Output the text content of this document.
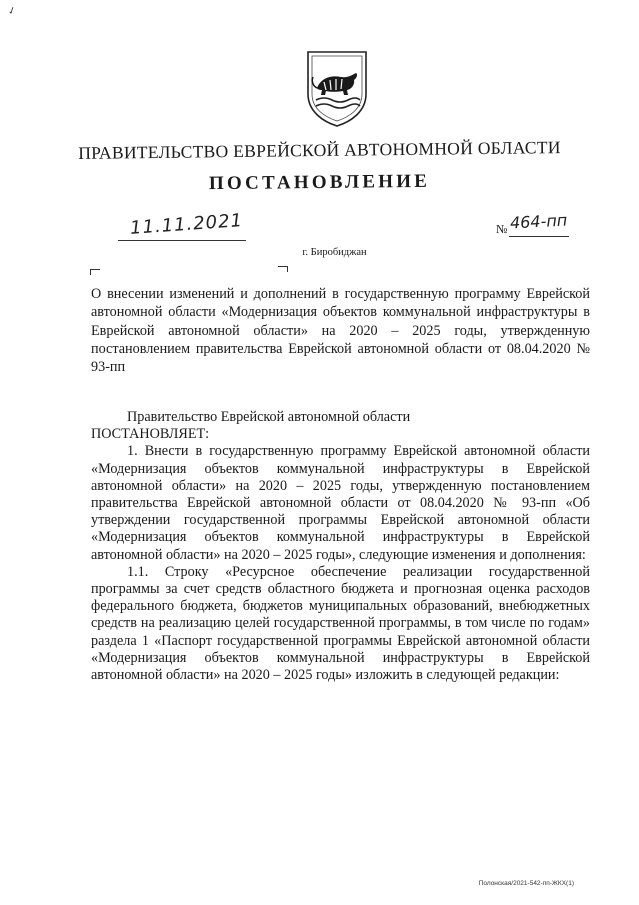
✓
ПРАВИТЕЛЬСТВО ЕВРЕЙСКОЙ АВТОНОМНОЙ ОБЛАСТИ
ПОСТАНОВЛЕНИЕ
11.11.2021	№ 464-пп
г. Биробиджан

О внесении изменений и дополнений в государственную программу Еврейской автономной области «Модернизация объектов коммунальной инфраструктуры в Еврейской автономной области» на 2020 – 2025 годы, утвержденную постановлением правительства Еврейской автономной области от 08.04.2020 № 93-пп

Правительство Еврейской автономной области

ПОСТАНОВЛЯЕТ:

1. Внести в государственную программу Еврейской автономной области «Модернизация объектов коммунальной инфраструктуры в Еврейской автономной области» на 2020 – 2025 годы, утвержденную постановлением правительства Еврейской автономной области от 08.04.2020 № 93-пп «Об утверждении государственной программы Еврейской автономной области «Модернизация объектов коммунальной инфраструктуры в Еврейской автономной области» на 2020 – 2025 годы», следующие изменения и дополнения:

1.1. Строку «Ресурсное обеспечение реализации государственной программы за счет средств областного бюджета и прогнозная оценка расходов федерального бюджета, бюджетов муниципальных образований, внебюджетных средств на реализацию целей государственной программы, в том числе по годам» раздела 1 «Паспорт государственной программы Еврейской автономной области «Модернизация объектов коммунальной инфраструктуры в Еврейской автономной области» на 2020 – 2025 годы» изложить в следующей редакции:

Полонская/2021-542-пп-ЖКХ(1)
